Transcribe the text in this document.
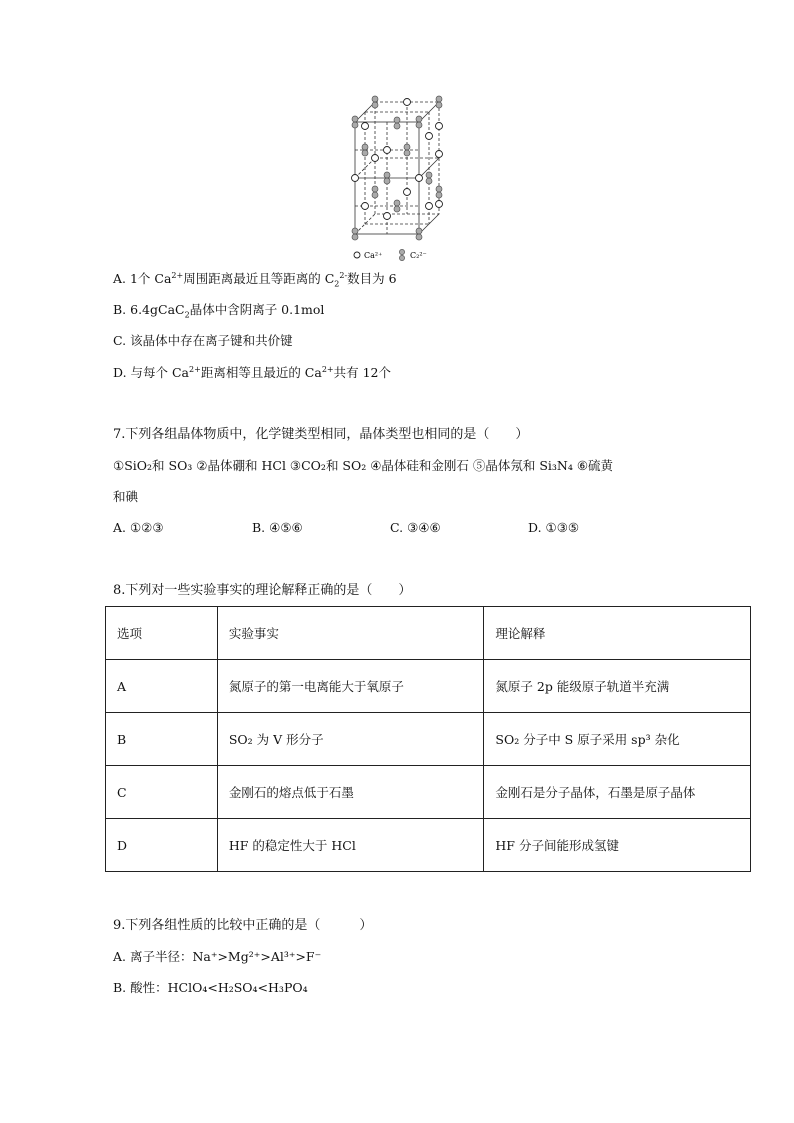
Ca²⁺	C₂²⁻
A. 1个 $Ca^{2+}$周围距离最近且等距离的 $C_2^{2-}$数目为 6
B. 6.4gCaC$_2$晶体中含阴离子 0.1mol
C. 该晶体中存在离子键和共价键
D. 与每个 $Ca^{2+}$距离相等且最近的 $Ca^{2+}$共有 12个
7.下列各组晶体物质中，化学键类型相同，晶体类型也相同的是（　　）
①SiO₂和 SO₃ ②晶体硼和 HCl ③CO₂和 SO₂ ④晶体硅和金刚石 ⑤晶体氖和 Si₃N₄ ⑥硫黄
和碘
A. ①②③	B. ④⑤⑥	C. ③④⑥	D. ①③⑤
8.下列对一些实验事实的理论解释正确的是（　　）
选项	实验事实	理论解释
A	氮原子的第一电离能大于氧原子	氮原子 2p 能级原子轨道半充满
B	SO₂ 为 V 形分子	SO₂ 分子中 S 原子采用 sp³ 杂化
C	金刚石的熔点低于石墨	金刚石是分子晶体，石墨是原子晶体
D	HF 的稳定性大于 HCl	HF 分子间能形成氢键
9.下列各组性质的比较中正确的是（　　　）
A. 离子半径：Na⁺>Mg²⁺>Al³⁺>F⁻
B. 酸性：HClO₄<H₂SO₄<H₃PO₄
